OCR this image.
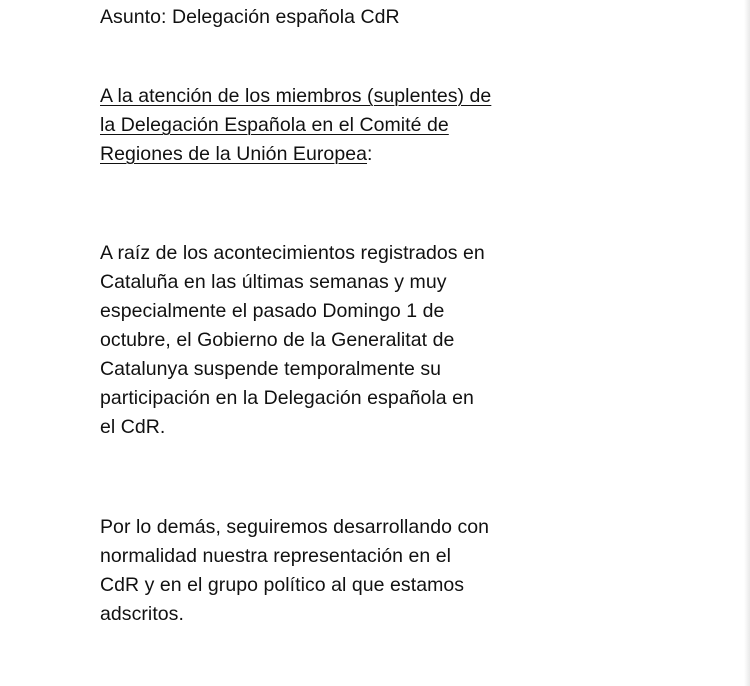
Asunto: Delegación española CdR
A la atención de los miembros (suplentes) de
la Delegación Española en el Comité de
Regiones de la Unión Europea:
A raíz de los acontecimientos registrados en
Cataluña en las últimas semanas y muy
especialmente el pasado Domingo 1 de
octubre, el Gobierno de la Generalitat de
Catalunya suspende temporalmente su
participación en la Delegación española en
el CdR.
Por lo demás, seguiremos desarrollando con
normalidad nuestra representación en el
CdR y en el grupo político al que estamos
adscritos.
